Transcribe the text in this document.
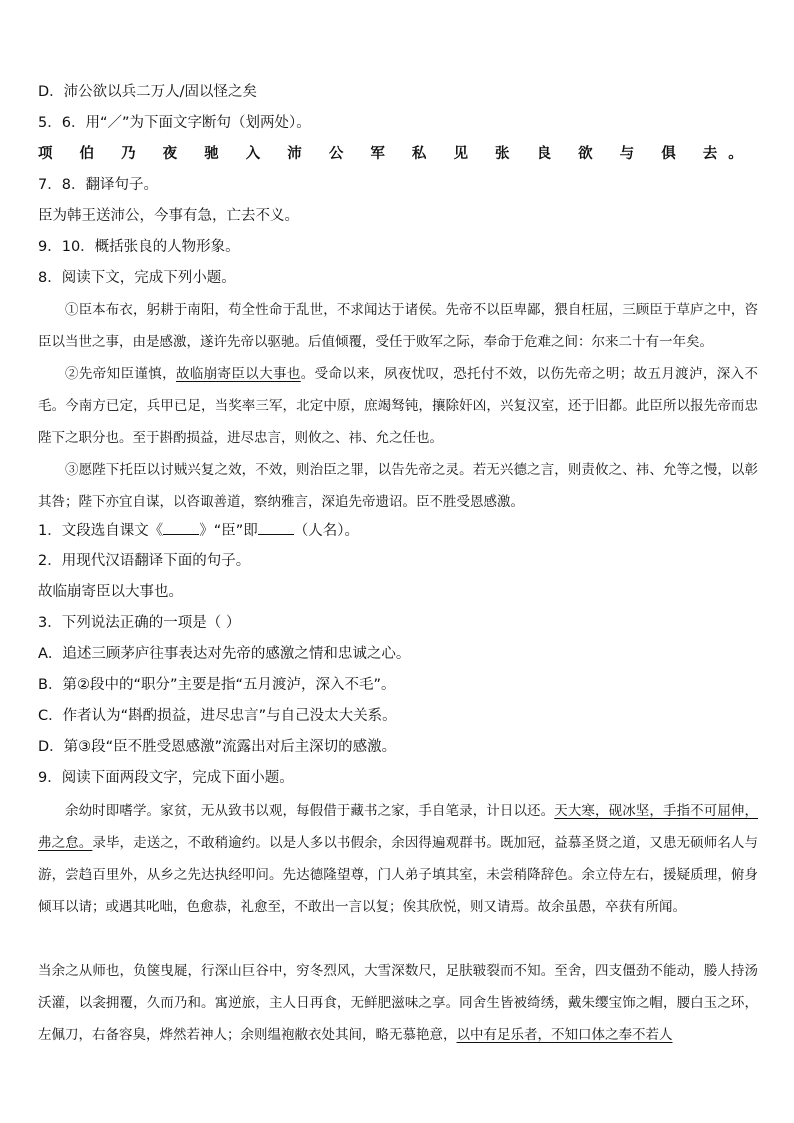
D．沛公欲以兵二万人/固以怪之矣
5．6．用“／”为下面文字断句（划两处）。
项 伯 乃 夜 驰 入 沛 公 军 私 见 张 良 欲 与 俱 去。
7．8．翻译句子。
臣为韩王送沛公，今事有急，亡去不义。
9．10．概括张良的人物形象。
8．阅读下文，完成下列小题。
①臣本布衣，躬耕于南阳，苟全性命于乱世，不求闻达于诸侯。先帝不以臣卑鄙，猥自枉屈，三顾臣于草庐之中，咨臣以当世之事，由是感激，遂许先帝以驱驰。后值倾覆，受任于败军之际，奉命于危难之间：尔来二十有一年矣。
②先帝知臣谨慎，故临崩寄臣以大事也。受命以来，夙夜忧叹，恐托付不效，以伤先帝之明；故五月渡泸，深入不毛。今南方已定，兵甲已足，当奖率三军，北定中原，庶竭驽钝，攘除奸凶，兴复汉室，还于旧都。此臣所以报先帝而忠陛下之职分也。至于斟酌损益，进尽忠言，则攸之、祎、允之任也。
③愿陛下托臣以讨贼兴复之效，不效，则治臣之罪，以告先帝之灵。若无兴德之言，则责攸之、祎、允等之慢，以彰其咎；陛下亦宜自谋，以咨诹善道，察纳雅言，深追先帝遗诏。臣不胜受恩感激。
1．文段选自课文《 》“臣”即 （人名）。
2．用现代汉语翻译下面的句子。
故临崩寄臣以大事也。
3．下列说法正确的一项是（ ）
A．追述三顾茅庐往事表达对先帝的感激之情和忠诚之心。
B．第②段中的“职分”主要是指“五月渡泸，深入不毛”。
C．作者认为“斟酌损益，进尽忠言”与自己没太大关系。
D．第③段“臣不胜受恩感激”流露出对后主深切的感激。
9．阅读下面两段文字，完成下面小题。
余幼时即嗜学。家贫，无从致书以观，每假借于藏书之家，手自笔录，计日以还。天大寒，砚冰坚，手指不可屈伸，弗之怠。录毕，走送之，不敢稍逾约。以是人多以书假余，余因得遍观群书。既加冠，益慕圣贤之道，又患无硕师名人与游，尝趋百里外，从乡之先达执经叩问。先达德隆望尊，门人弟子填其室，未尝稍降辞色。余立侍左右，援疑质理，俯身倾耳以请；或遇其叱咄，色愈恭，礼愈至，不敢出一言以复；俟其欣悦，则又请焉。故余虽愚，卒获有所闻。
当余之从师也，负箧曳屣，行深山巨谷中，穷冬烈风，大雪深数尺，足肤皲裂而不知。至舍，四支僵劲不能动，媵人持汤沃灌，以衾拥覆，久而乃和。寓逆旅，主人日再食，无鲜肥滋味之享。同舍生皆被绮绣，戴朱缨宝饰之帽，腰白玉之环，左佩刀，右备容臭，烨然若神人；余则缊袍敝衣处其间，略无慕艳意，以中有足乐者，不知口体之奉不若人
